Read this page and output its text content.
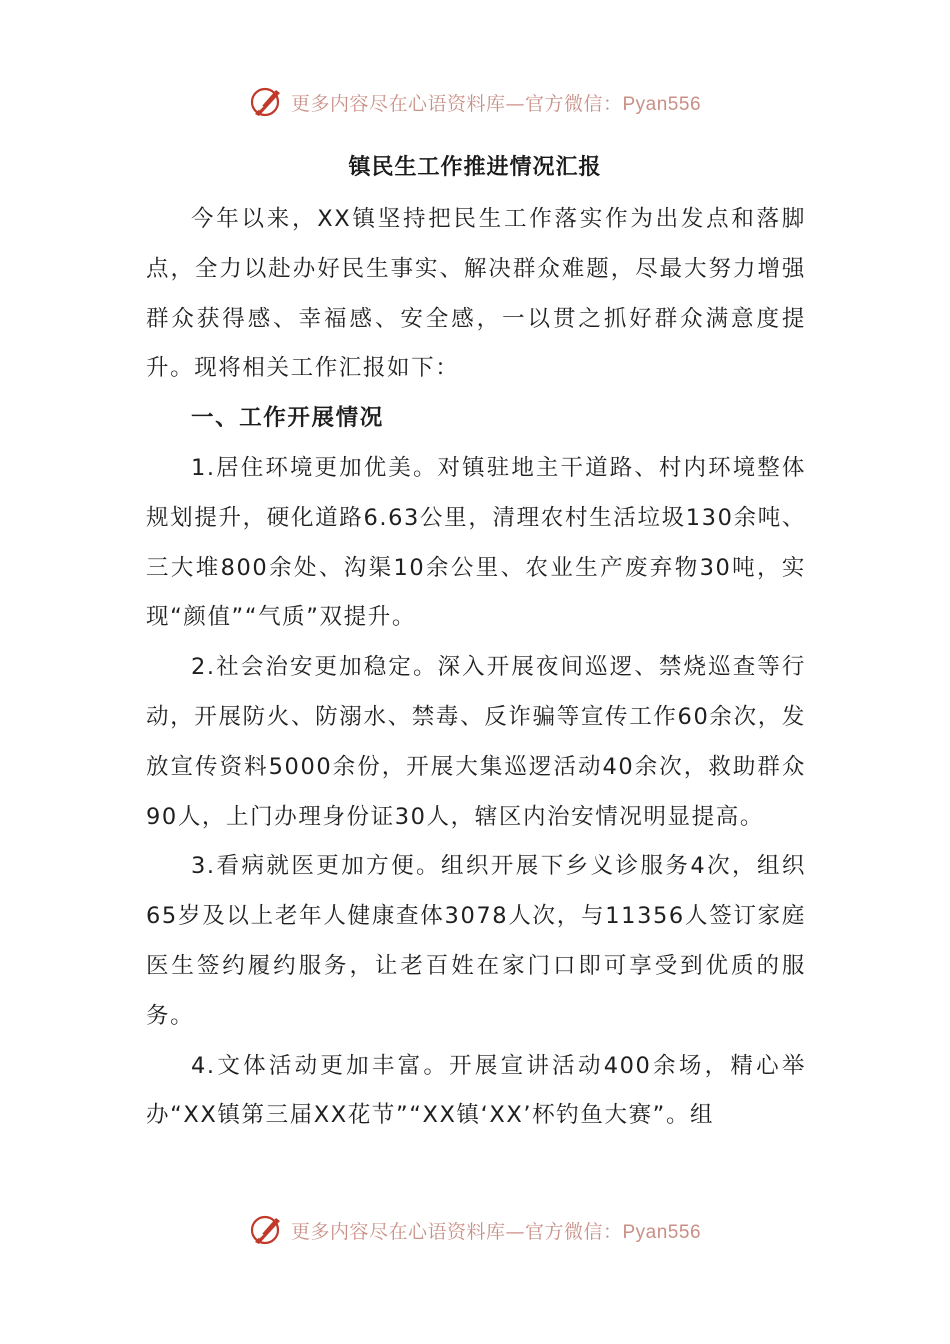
更多内容尽在心语资料库—官方微信：Pyan556
镇民生工作推进情况汇报

今年以来，XX镇坚持把民生工作落实作为出发点和落脚点，全力以赴办好民生事实、解决群众难题，尽最大努力增强群众获得感、幸福感、安全感，一以贯之抓好群众满意度提升。现将相关工作汇报如下：

一、工作开展情况

1.居住环境更加优美。对镇驻地主干道路、村内环境整体规划提升，硬化道路6.63公里，清理农村生活垃圾130余吨、三大堆800余处、沟渠10余公里、农业生产废弃物30吨，实现“颜值”“气质”双提升。

2.社会治安更加稳定。深入开展夜间巡逻、禁烧巡查等行动，开展防火、防溺水、禁毒、反诈骗等宣传工作60余次，发放宣传资料5000余份，开展大集巡逻活动40余次，救助群众90人，上门办理身份证30人，辖区内治安情况明显提高。

3.看病就医更加方便。组织开展下乡义诊服务4次，组织65岁及以上老年人健康查体3078人次，与11356人签订家庭医生签约履约服务，让老百姓在家门口即可享受到优质的服务。

4.文体活动更加丰富。开展宣讲活动400余场，精心举办“XX镇第三届XX花节”“XX镇‘XX’杯钓鱼大赛”。组

更多内容尽在心语资料库—官方微信：Pyan556
